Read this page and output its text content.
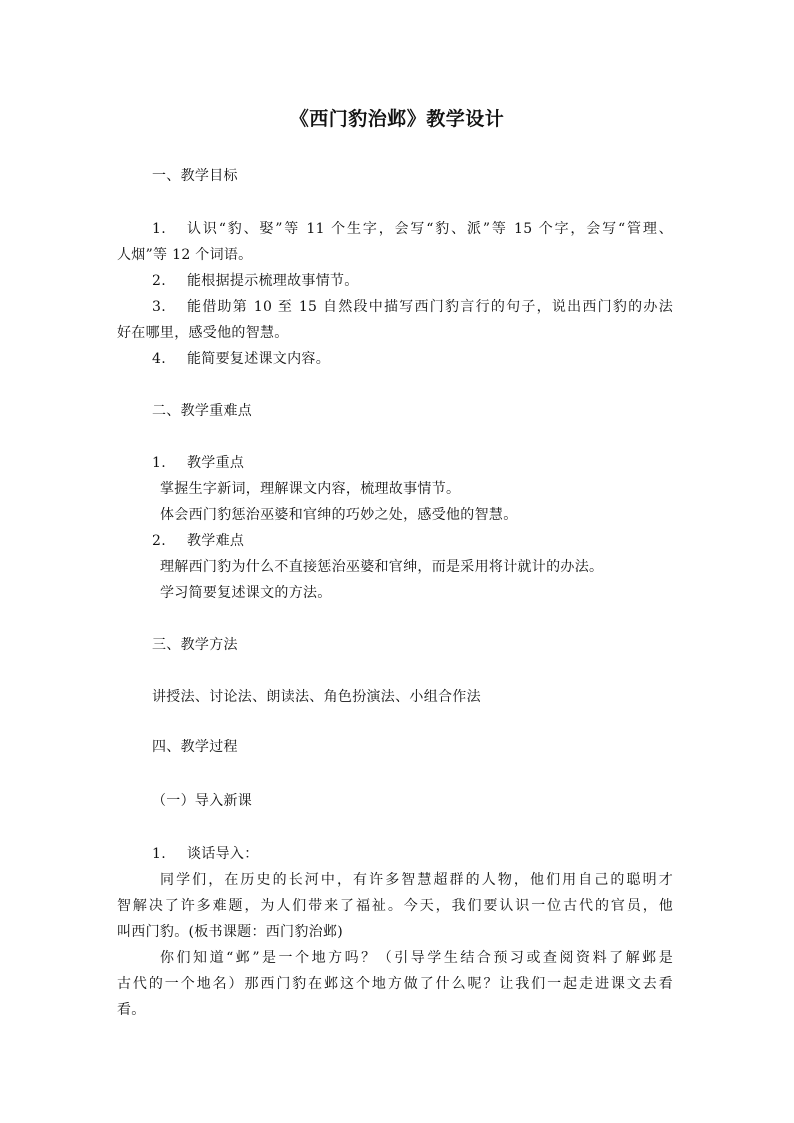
《西门豹治邺》教学设计
一、教学目标
1. 认识“豹、娶”等 11 个生字，会写“豹、派”等 15 个字，会写“管理、
人烟”等 12 个词语。
2. 能根据提示梳理故事情节。
3. 能借助第 10 至 15 自然段中描写西门豹言行的句子，说出西门豹的办法
好在哪里，感受他的智慧。
4. 能简要复述课文内容。
二、教学重难点
1. 教学重点
掌握生字新词，理解课文内容，梳理故事情节。
体会西门豹惩治巫婆和官绅的巧妙之处，感受他的智慧。
2. 教学难点
理解西门豹为什么不直接惩治巫婆和官绅，而是采用将计就计的办法。
学习简要复述课文的方法。
三、教学方法
讲授法、讨论法、朗读法、角色扮演法、小组合作法
四、教学过程
（一）导入新课
1. 谈话导入：
同学们，在历史的长河中，有许多智慧超群的人物，他们用自己的聪明才
智解决了许多难题，为人们带来了福祉。今天，我们要认识一位古代的官员，他
叫西门豹。(板书课题：西门豹治邺)
你们知道“邺”是一个地方吗？（引导学生结合预习或查阅资料了解邺是
古代的一个地名）那西门豹在邺这个地方做了什么呢？让我们一起走进课文去看
看。
